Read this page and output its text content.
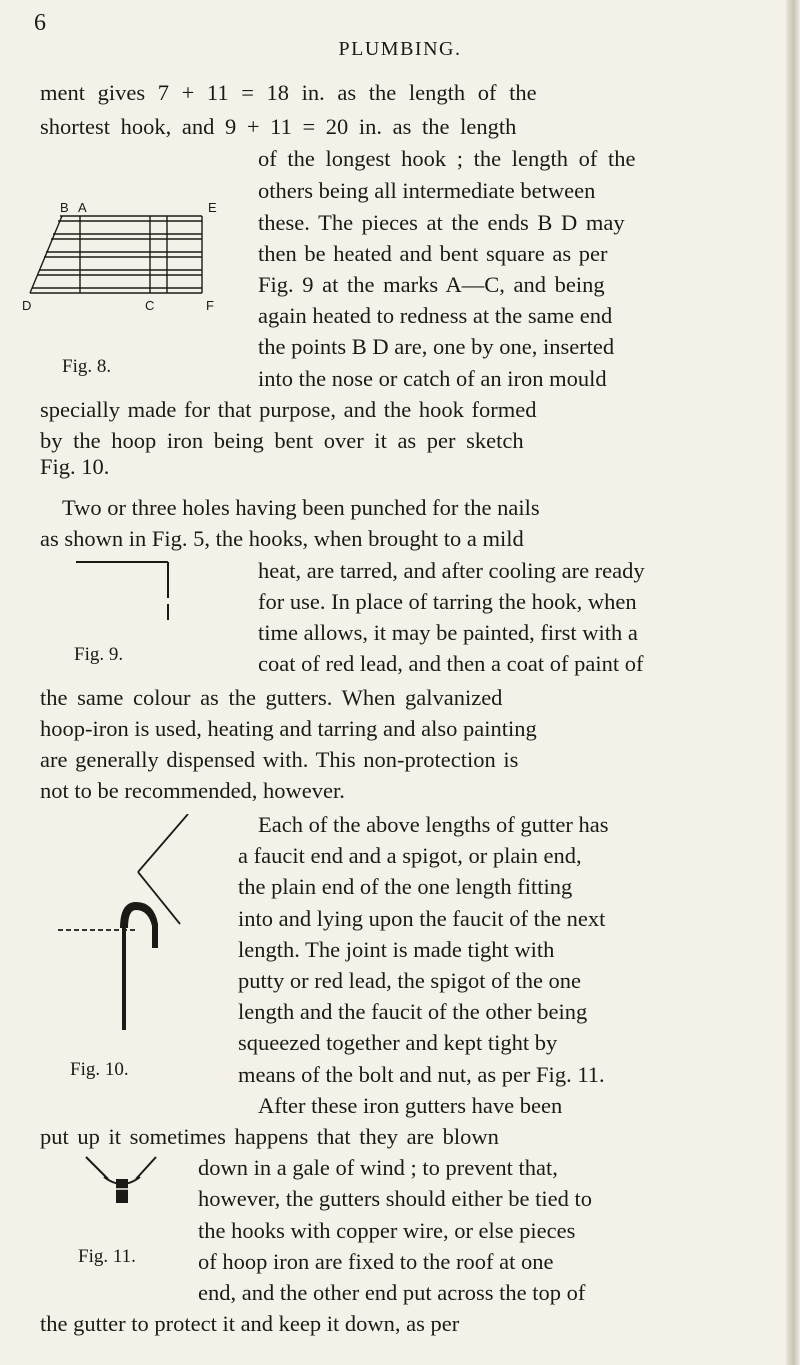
6
PLUMBING.
B A	E
D	C	F
Fig. 8.
Fig. 9.
Fig. 10.
Fig. 11.
ment gives 7 + 11 = 18 in. as the length of the
shortest hook, and 9 + 11 = 20 in. as the length
of the longest hook ; the length of the
others being all intermediate between
these. The pieces at the ends B D may
then be heated and bent square as per
Fig. 9 at the marks A—C, and being
again heated to redness at the same end
the points B D are, one by one, inserted
into the nose or catch of an iron mould
specially made for that purpose, and the hook formed
by the hoop iron being bent over it as per sketch
Fig. 10.
Two or three holes having been punched for the nails
as shown in Fig. 5, the hooks, when brought to a mild
heat, are tarred, and after cooling are ready
for use. In place of tarring the hook, when
time allows, it may be painted, first with a
coat of red lead, and then a coat of paint of
the same colour as the gutters. When galvanized
hoop-iron is used, heating and tarring and also painting
are generally dispensed with. This non-protection is
not to be recommended, however.
Each of the above lengths of gutter has
a faucit end and a spigot, or plain end,
the plain end of the one length fitting
into and lying upon the faucit of the next
length. The joint is made tight with
putty or red lead, the spigot of the one
length and the faucit of the other being
squeezed together and kept tight by
means of the bolt and nut, as per Fig. 11.
After these iron gutters have been
put up it sometimes happens that they are blown
down in a gale of wind ; to prevent that,
however, the gutters should either be tied to
the hooks with copper wire, or else pieces
of hoop iron are fixed to the roof at one
end, and the other end put across the top of
the gutter to protect it and keep it down, as per
